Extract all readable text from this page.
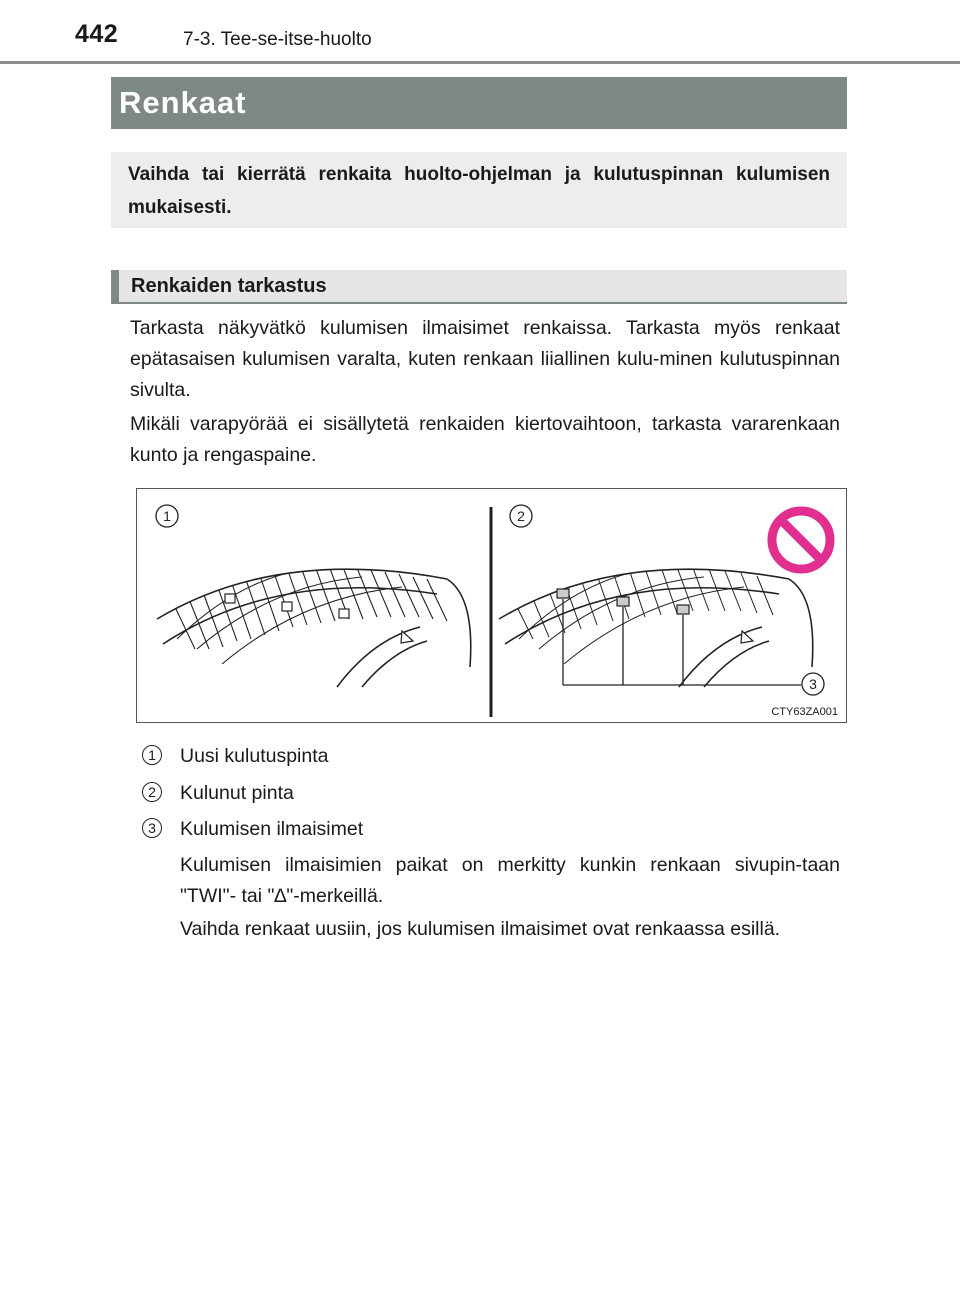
442	7-3. Tee-se-itse-huolto
Renkaat
Vaihda tai kierrätä renkaita huolto-ohjelman ja kulutuspinnan kulumisen mukaisesti.
Renkaiden tarkastus

Tarkasta näkyvätkö kulumisen ilmaisimet renkaissa. Tarkasta myös renkaat epätasaisen kulumisen varalta, kuten renkaan liiallinen kulu-minen kulutuspinnan sivulta.

Mikäli varapyörää ei sisällytetä renkaiden kiertovaihtoon, tarkasta vararenkaan kunto ja rengaspaine.

1	2
3
CTY63ZA001
1	Uusi kulutuspinta
2	Kulunut pinta
3	Kulumisen ilmaisimet

Kulumisen ilmaisimien paikat on merkitty kunkin renkaan sivupin-taan "TWI"- tai "∆"-merkeillä.

Vaihda renkaat uusiin, jos kulumisen ilmaisimet ovat renkaassa esillä.
